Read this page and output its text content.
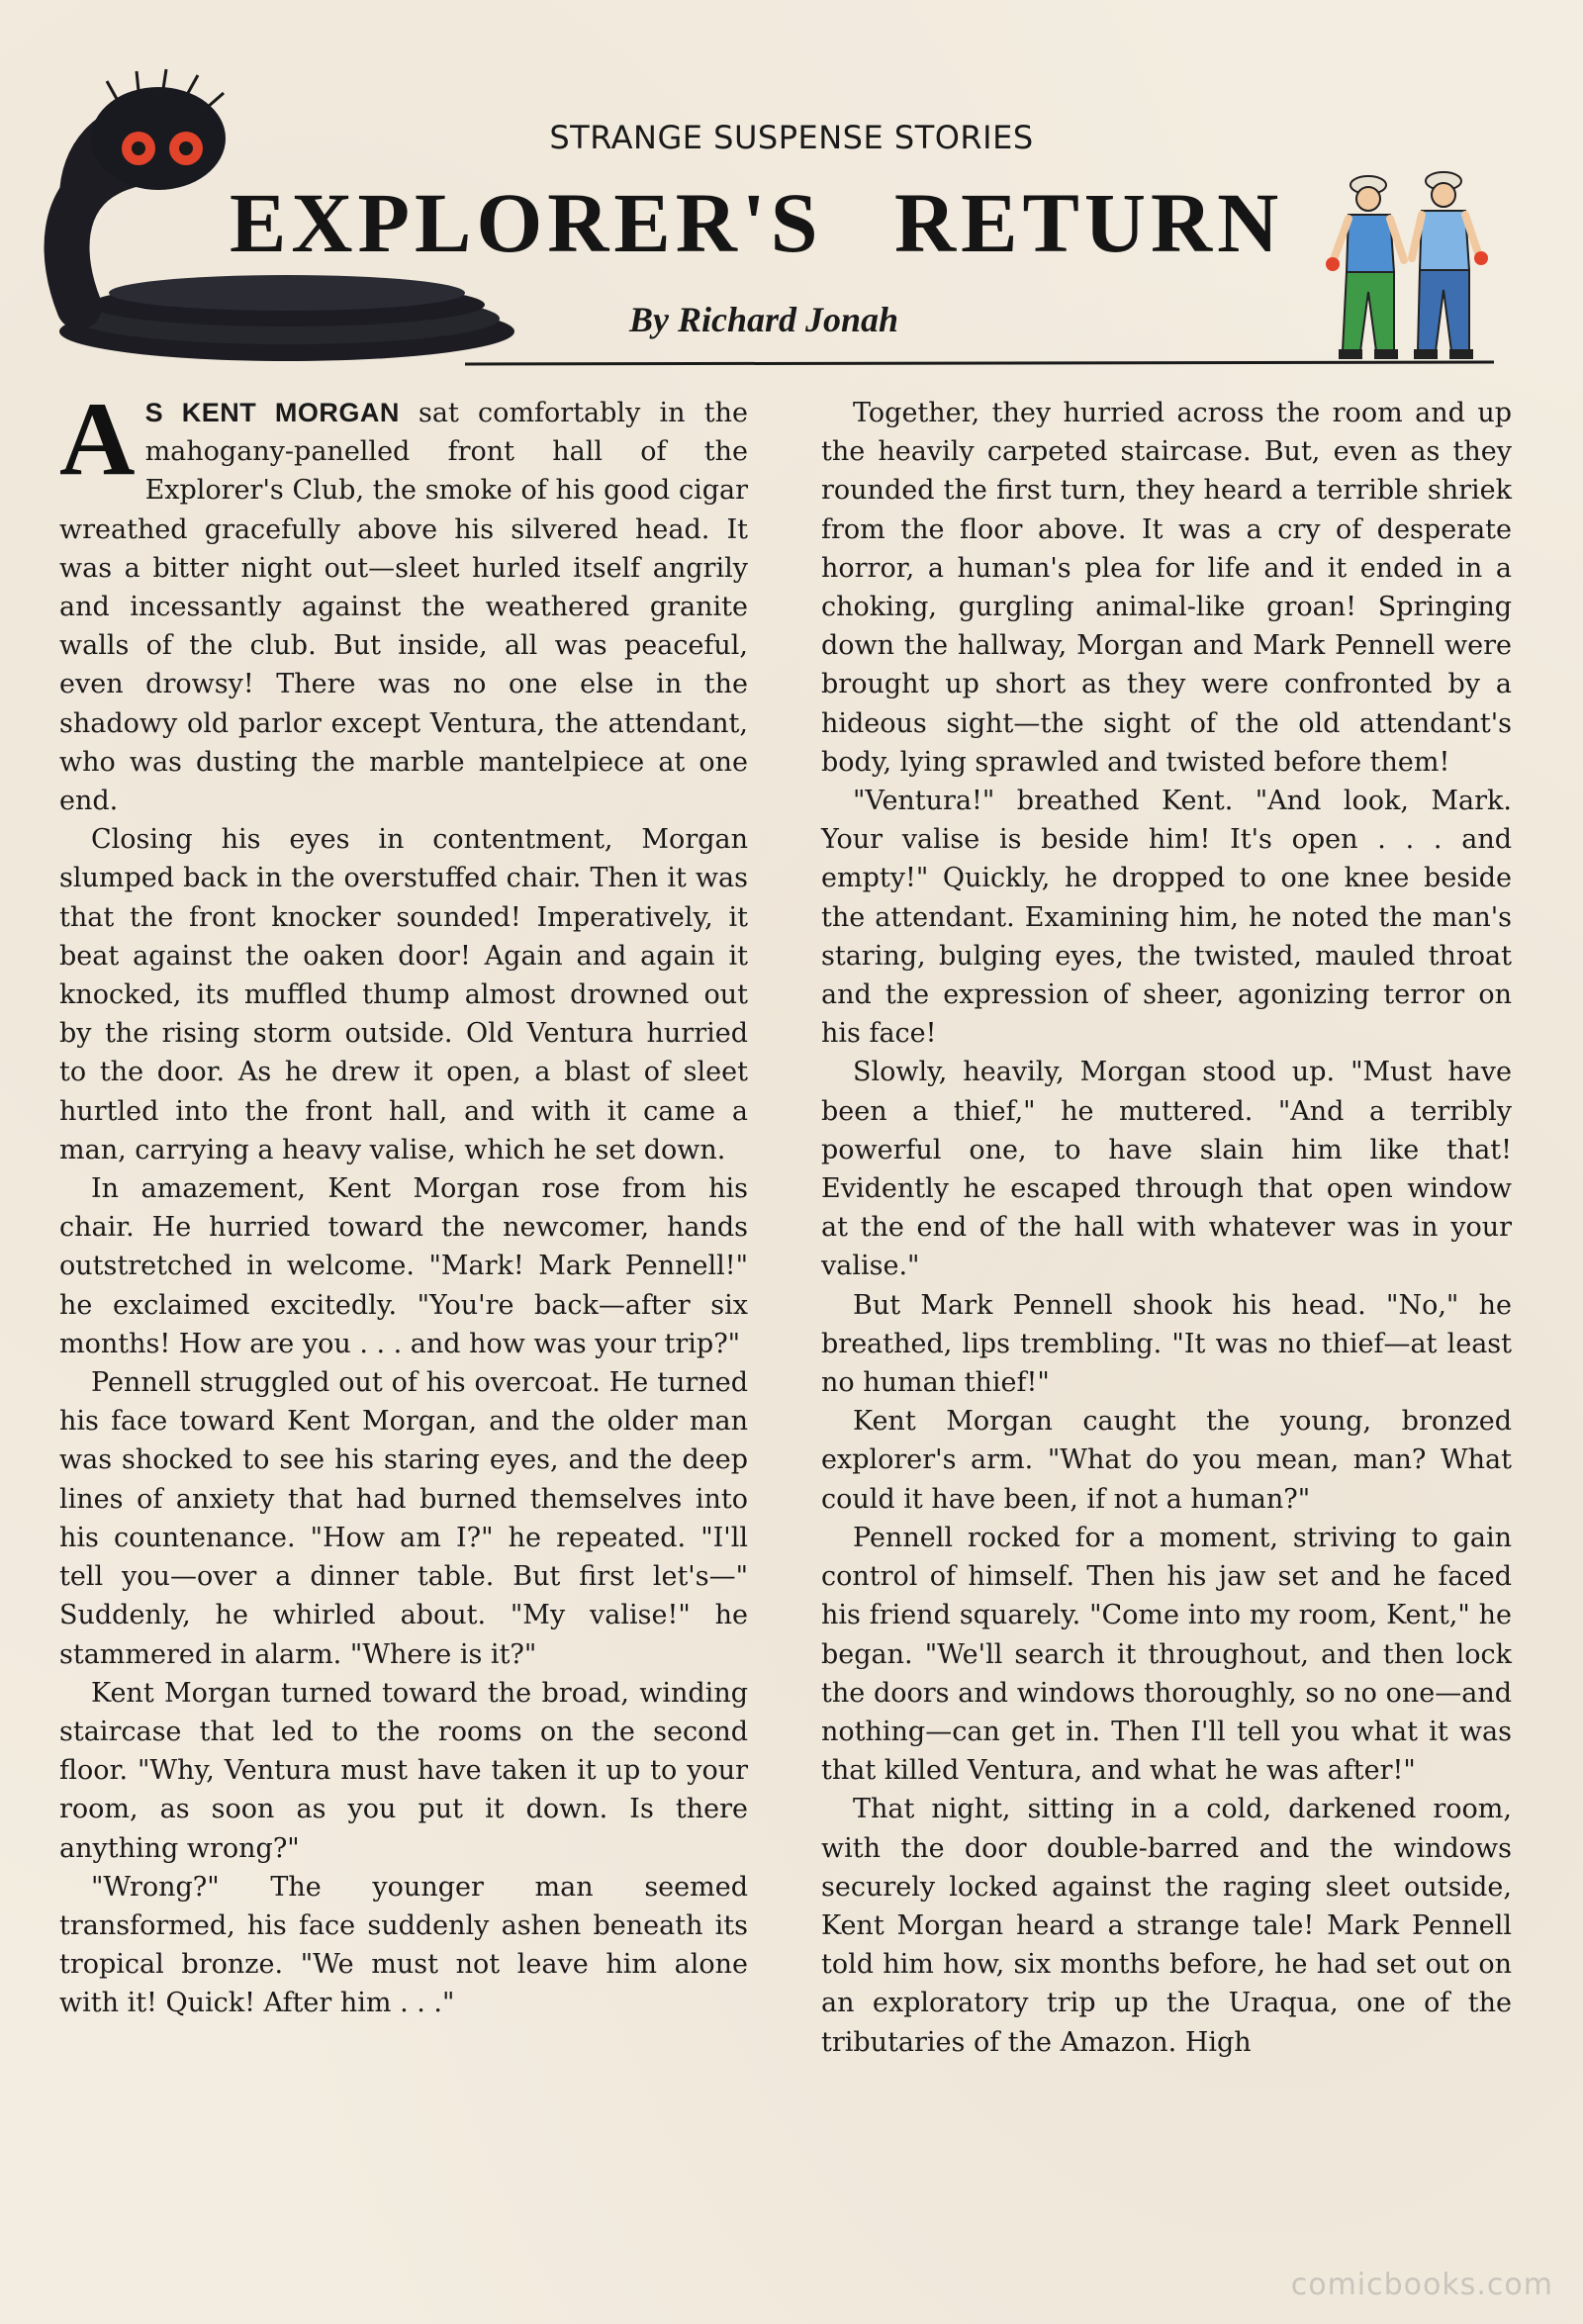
STRANGE SUSPENSE STORIES
EXPLORER'S RETURN
By Richard Jonah

A S KENT MORGAN sat comfortably in the mahogany-panelled front hall of the Explorer's Club, the smoke of his good cigar wreathed gracefully above his silvered head. It was a bitter night out—sleet hurled itself angrily and incessantly against the weathered granite walls of the club. But inside, all was peaceful, even drowsy! There was no one else in the shadowy old parlor except Ventura, the attendant, who was dusting the marble mantelpiece at one end.

Closing his eyes in contentment, Morgan slumped back in the overstuffed chair. Then it was that the front knocker sounded! Imperatively, it beat against the oaken door! Again and again it knocked, its muffled thump almost drowned out by the rising storm outside. Old Ventura hurried to the door. As he drew it open, a blast of sleet hurtled into the front hall, and with it came a man, carrying a heavy valise, which he set down.

In amazement, Kent Morgan rose from his chair. He hurried toward the newcomer, hands outstretched in welcome. "Mark! Mark Pennell!" he exclaimed excitedly. "You're back—after six months! How are you . . . and how was your trip?"

Pennell struggled out of his overcoat. He turned his face toward Kent Morgan, and the older man was shocked to see his staring eyes, and the deep lines of anxiety that had burned themselves into his countenance. "How am I?" he repeated. "I'll tell you—over a dinner table. But first let's—" Suddenly, he whirled about. "My valise!" he stammered in alarm. "Where is it?"

Kent Morgan turned toward the broad, winding staircase that led to the rooms on the second floor. "Why, Ventura must have taken it up to your room, as soon as you put it down. Is there anything wrong?"

"Wrong?" The younger man seemed transformed, his face suddenly ashen beneath its tropical bronze. "We must not leave him alone with it! Quick! After him . . ."

Together, they hurried across the room and up the heavily carpeted staircase. But, even as they rounded the first turn, they heard a terrible shriek from the floor above. It was a cry of desperate horror, a human's plea for life and it ended in a choking, gurgling animal-like groan! Springing down the hallway, Morgan and Mark Pennell were brought up short as they were confronted by a hideous sight—the sight of the old attendant's body, lying sprawled and twisted before them!

"Ventura!" breathed Kent. "And look, Mark. Your valise is beside him! It's open . . . and empty!" Quickly, he dropped to one knee beside the attendant. Examining him, he noted the man's staring, bulging eyes, the twisted, mauled throat and the expression of sheer, agonizing terror on his face!

Slowly, heavily, Morgan stood up. "Must have been a thief," he muttered. "And a terribly powerful one, to have slain him like that! Evidently he escaped through that open window at the end of the hall with whatever was in your valise."

But Mark Pennell shook his head. "No," he breathed, lips trembling. "It was no thief—at least no human thief!"

Kent Morgan caught the young, bronzed explorer's arm. "What do you mean, man? What could it have been, if not a human?"

Pennell rocked for a moment, striving to gain control of himself. Then his jaw set and he faced his friend squarely. "Come into my room, Kent," he began. "We'll search it throughout, and then lock the doors and windows thoroughly, so no one—and nothing—can get in. Then I'll tell you what it was that killed Ventura, and what he was after!"

That night, sitting in a cold, darkened room, with the door double-barred and the windows securely locked against the raging sleet outside, Kent Morgan heard a strange tale! Mark Pennell told him how, six months before, he had set out on an exploratory trip up the Uraqua, one of the tributaries of the Amazon. High

comicbooks.com
